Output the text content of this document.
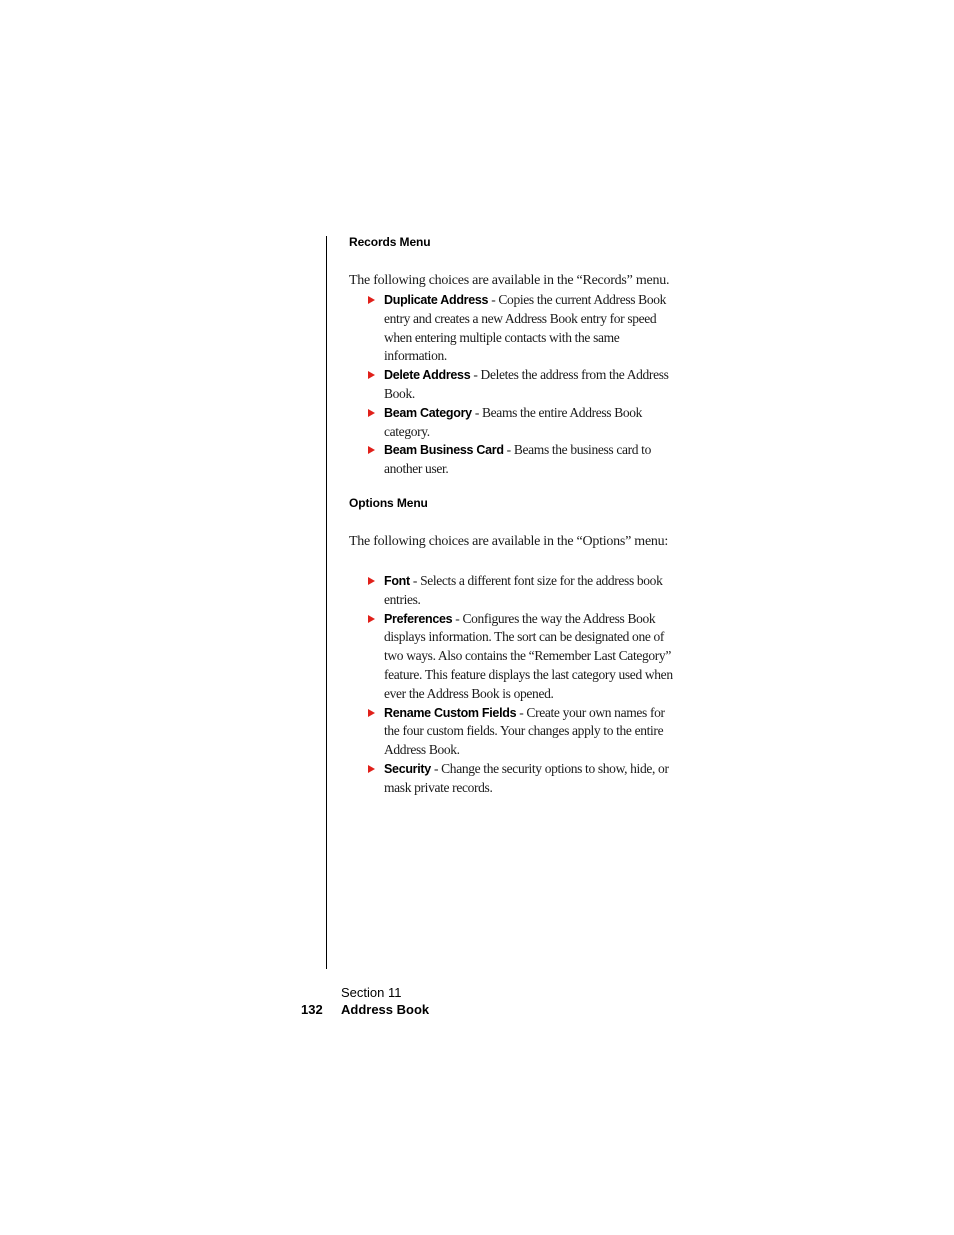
Records Menu

The following choices are available in the “Records” menu.

Duplicate Address - Copies the current Address Book entry and creates a new Address Book entry for speed when entering multiple contacts with the same information.
Delete Address - Deletes the address from the Address Book.
Beam Category - Beams the entire Address Book category.
Beam Business Card - Beams the business card to another user.
Options Menu

The following choices are available in the “Options” menu:

Font - Selects a different font size for the address book entries.
Preferences - Configures the way the Address Book displays information. The sort can be designated one of two ways. Also contains the “Remember Last Category” feature. This feature displays the last category used when ever the Address Book is opened.
Rename Custom Fields - Create your own names for the four custom fields. Your changes apply to the entire Address Book.
Security - Change the security options to show, hide, or mask private records.
Section 11
132 Address Book
